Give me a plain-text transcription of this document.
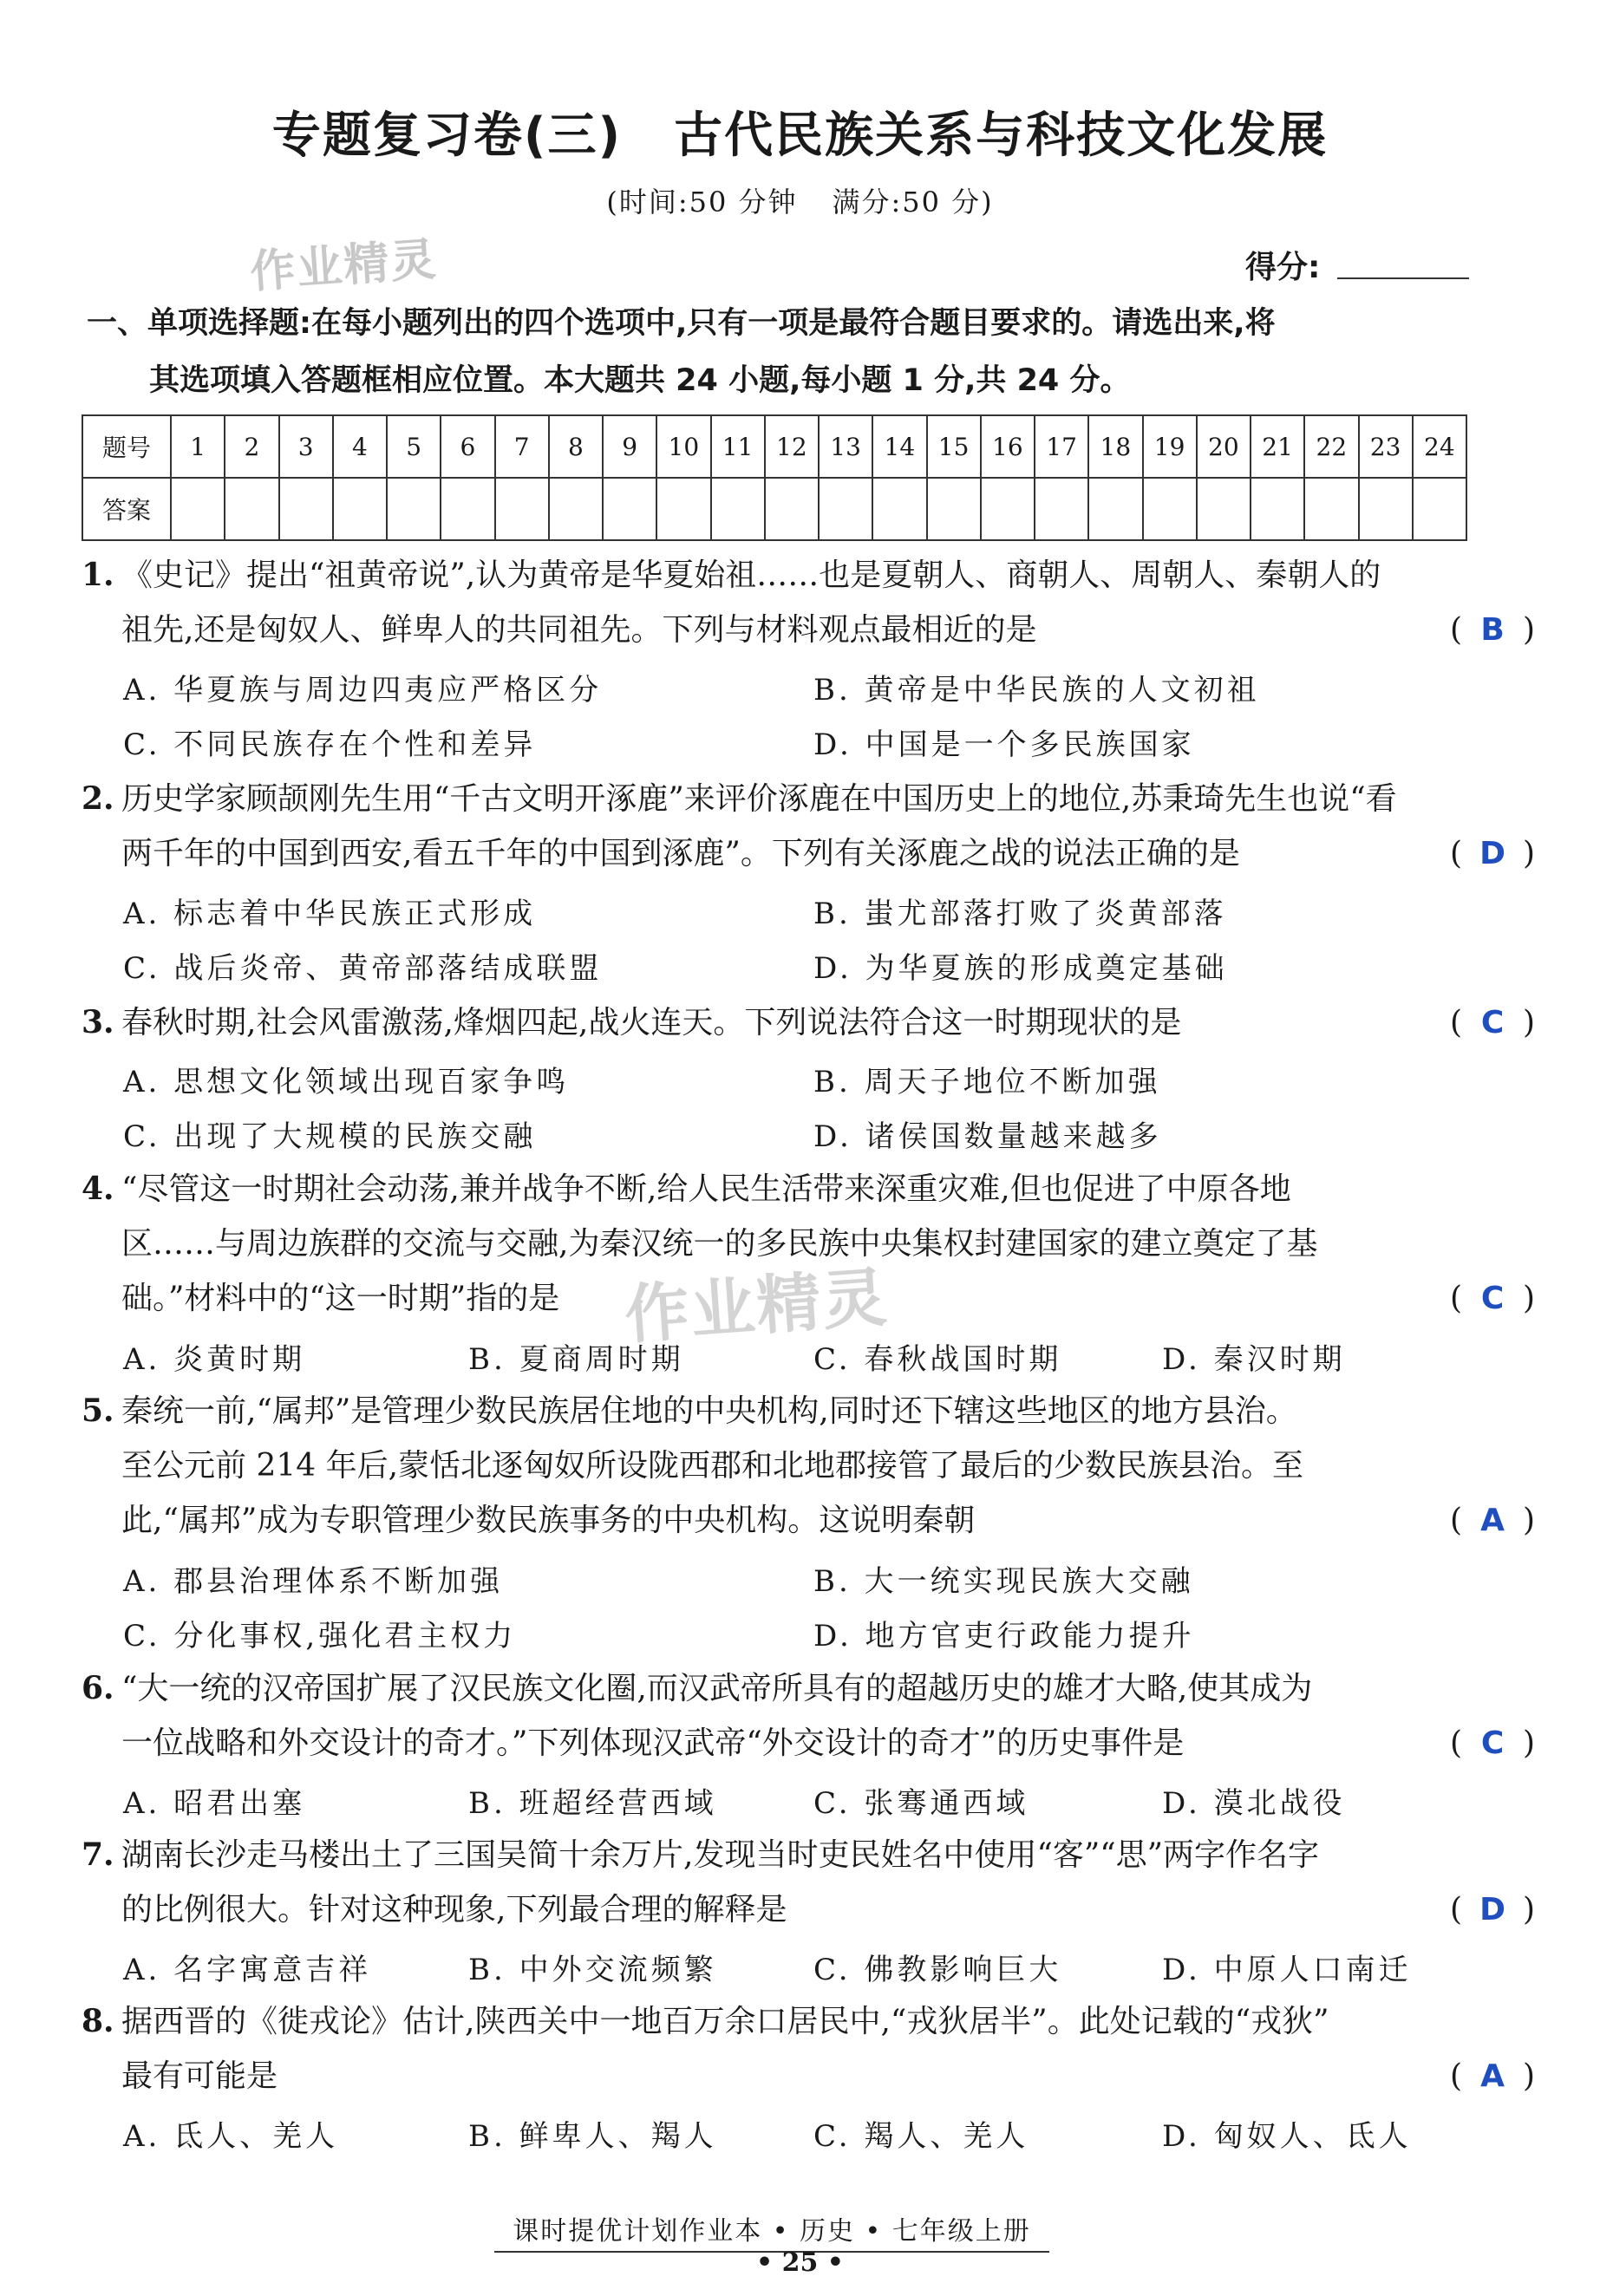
专题复习卷(三) 古代民族关系与科技文化发展
(时间:50 分钟 满分:50 分)
作业精灵
作业精灵
得分:
一、单项选择题:在每小题列出的四个选项中,只有一项是最符合题目要求的。请选出来,将
其选项填入答题框相应位置。本大题共 24 小题,每小题 1 分,共 24 分。
题号	1	2	3	4	5	6	7	8	9	10	11	12	13	14	15	16	17	18	19	20	21	22	23	24
答案																								
1. 《史记》提出“祖黄帝说”,认为黄帝是华夏始祖……也是夏朝人、商朝人、周朝人、秦朝人的
祖先,还是匈奴人、鲜卑人的共同祖先。下列与材料观点最相近的是	( B )
A. 华夏族与周边四夷应严格区分	B. 黄帝是中华民族的人文初祖
C. 不同民族存在个性和差异	D. 中国是一个多民族国家
2. 历史学家顾颉刚先生用“千古文明开涿鹿”来评价涿鹿在中国历史上的地位,苏秉琦先生也说“看
两千年的中国到西安,看五千年的中国到涿鹿”。下列有关涿鹿之战的说法正确的是	( D )
A. 标志着中华民族正式形成	B. 蚩尤部落打败了炎黄部落
C. 战后炎帝、黄帝部落结成联盟	D. 为华夏族的形成奠定基础
3. 春秋时期,社会风雷激荡,烽烟四起,战火连天。下列说法符合这一时期现状的是	( C )
A. 思想文化领域出现百家争鸣	B. 周天子地位不断加强
C. 出现了大规模的民族交融	D. 诸侯国数量越来越多
4. “尽管这一时期社会动荡,兼并战争不断,给人民生活带来深重灾难,但也促进了中原各地
区……与周边族群的交流与交融,为秦汉统一的多民族中央集权封建国家的建立奠定了基
础。”材料中的“这一时期”指的是	( C )
A. 炎黄时期	B. 夏商周时期	C. 春秋战国时期	D. 秦汉时期
5. 秦统一前,“属邦”是管理少数民族居住地的中央机构,同时还下辖这些地区的地方县治。
至公元前 214 年后,蒙恬北逐匈奴所设陇西郡和北地郡接管了最后的少数民族县治。至
此,“属邦”成为专职管理少数民族事务的中央机构。这说明秦朝	( A )
A. 郡县治理体系不断加强	B. 大一统实现民族大交融
C. 分化事权,强化君主权力	D. 地方官吏行政能力提升
6. “大一统的汉帝国扩展了汉民族文化圈,而汉武帝所具有的超越历史的雄才大略,使其成为
一位战略和外交设计的奇才。”下列体现汉武帝“外交设计的奇才”的历史事件是	( C )
A. 昭君出塞	B. 班超经营西域	C. 张骞通西域	D. 漠北战役
7. 湖南长沙走马楼出土了三国吴简十余万片,发现当时吏民姓名中使用“客”“思”两字作名字
的比例很大。针对这种现象,下列最合理的解释是	( D )
A. 名字寓意吉祥	B. 中外交流频繁	C. 佛教影响巨大	D. 中原人口南迁
8. 据西晋的《徙戎论》估计,陕西关中一地百万余口居民中,“戎狄居半”。此处记载的“戎狄”
最有可能是	( A )
A. 氐人、羌人	B. 鲜卑人、羯人	C. 羯人、羌人	D. 匈奴人、氐人
课时提优计划作业本 • 历史 • 七年级上册
• 25 •
